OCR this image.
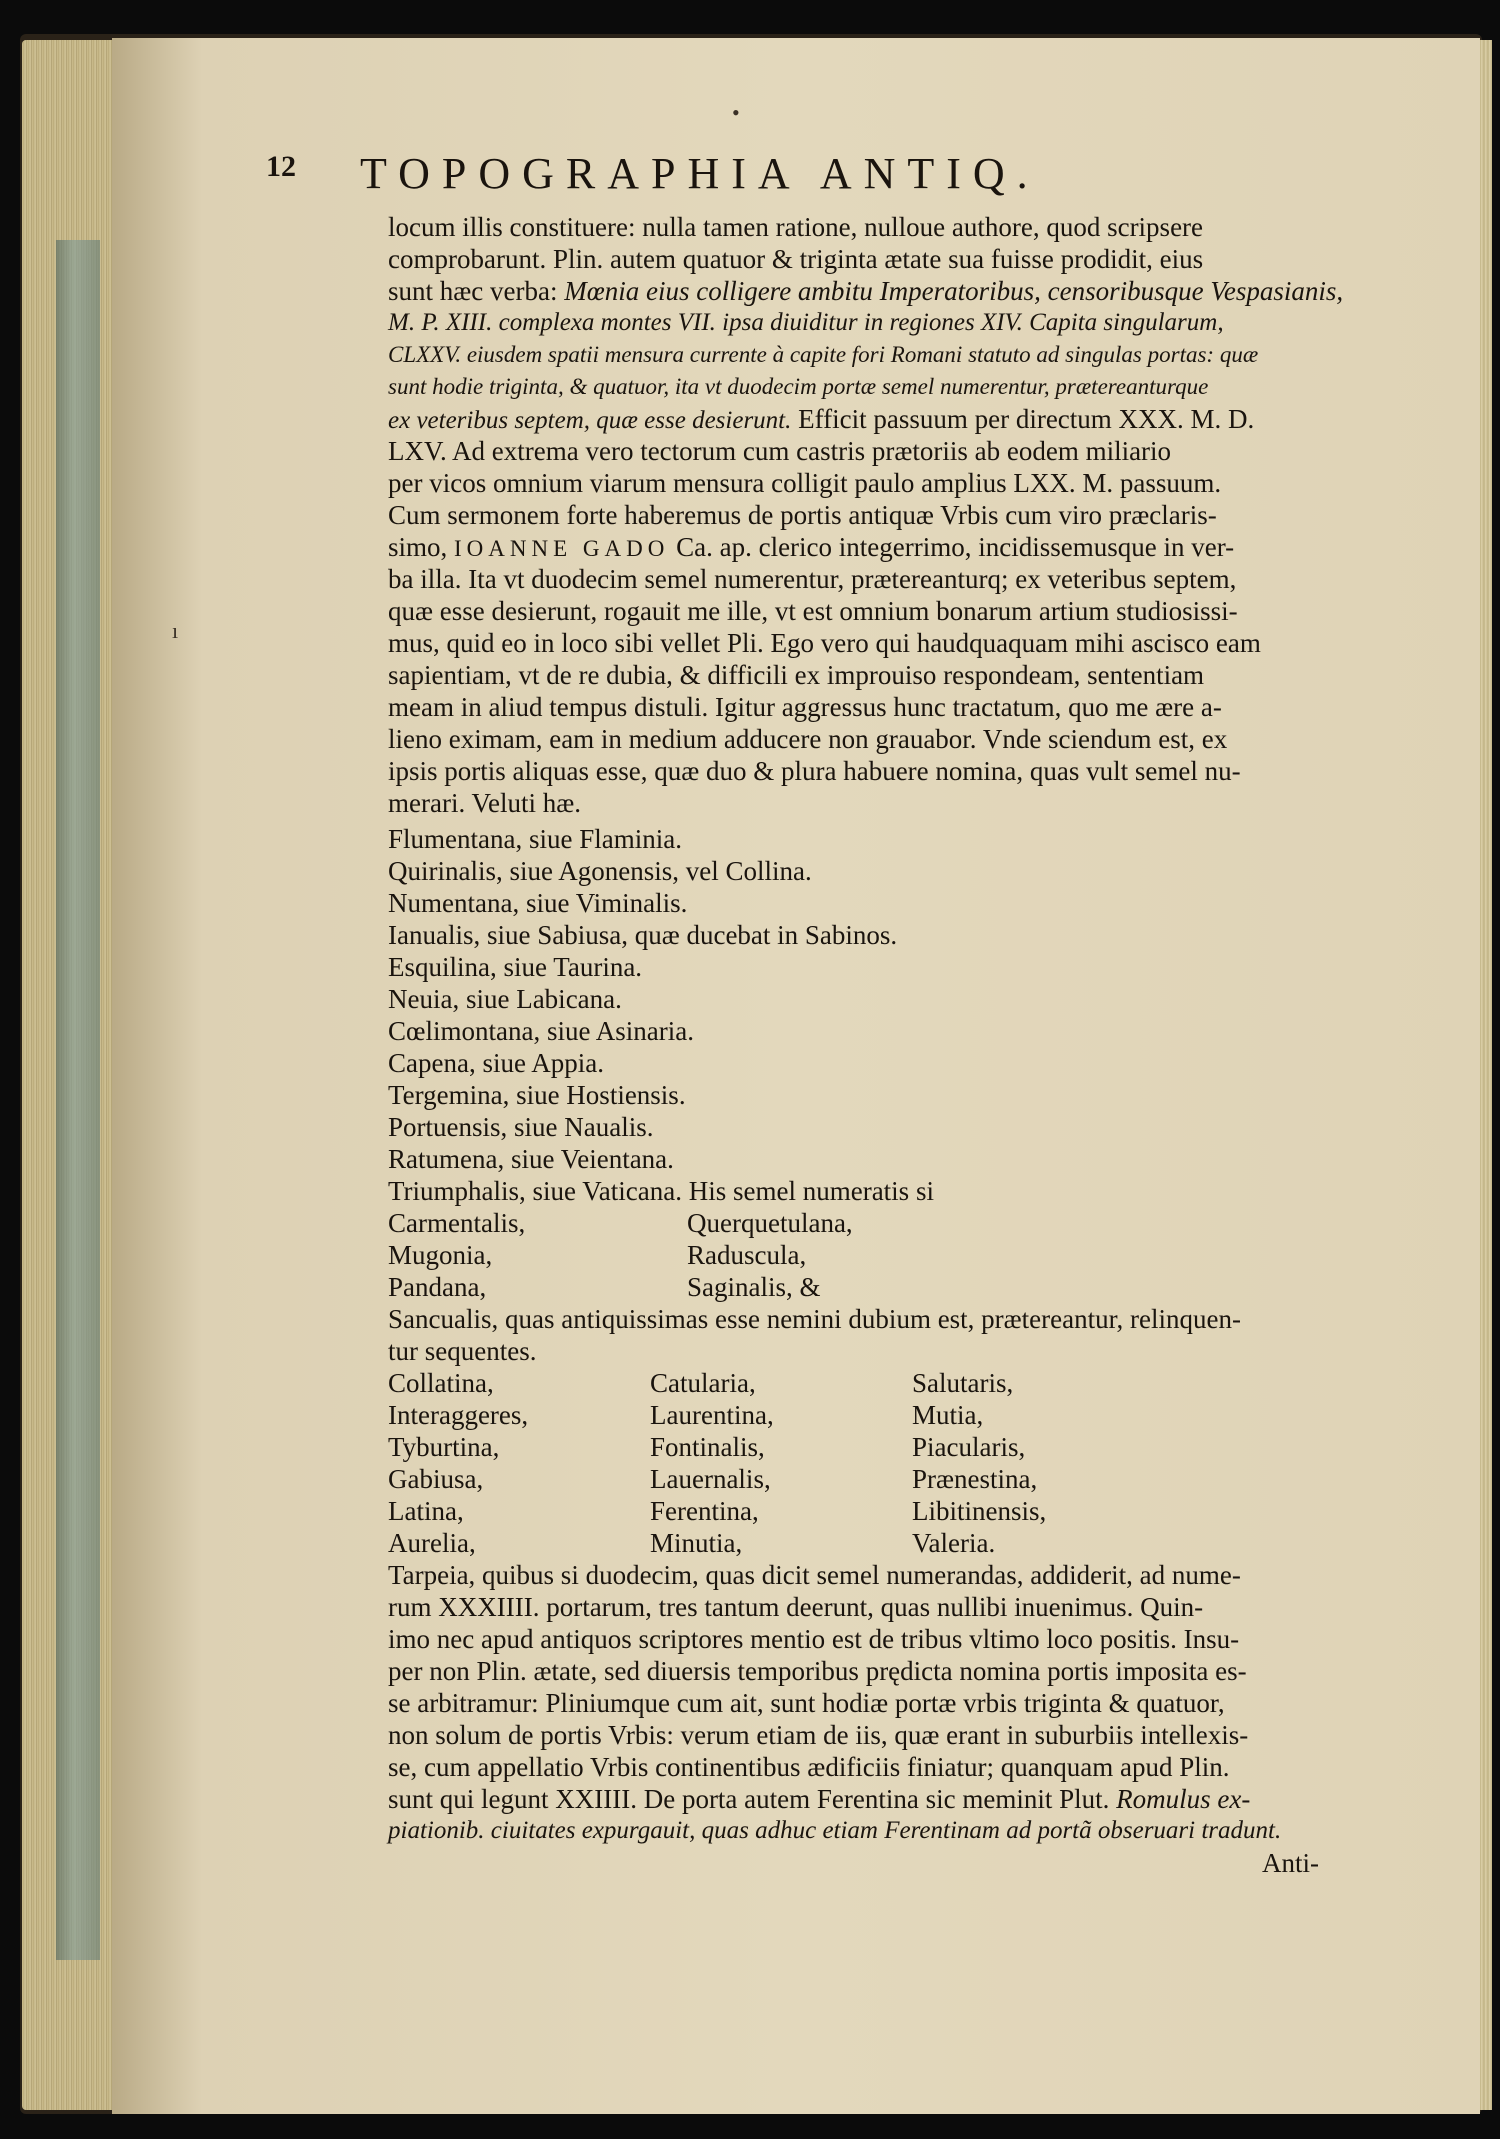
•
12 TOPOGRAPHIA ANTIQ.
locum illis constituere: nulla tamen ratione, nulloue authore, quod scripsere
comprobarunt. Plin. autem quatuor & triginta ætate sua fuisse prodidit, eius
sunt hæc verba: Mœnia eius colligere ambitu Imperatoribus, censoribusque Vespasianis,
M. P. XIII. complexa montes VII. ipsa diuiditur in regiones XIV. Capita singularum,
CLXXV. eiusdem spatii mensura currente à capite fori Romani statuto ad singulas portas: quæ
sunt hodie triginta, & quatuor, ita vt duodecim portæ semel numerentur, prætereanturque
ex veteribus septem, quæ esse desierunt. Efficit passuum per directum XXX. M. D.
LXV. Ad extrema vero tectorum cum castris prætoriis ab eodem miliario
per vicos omnium viarum mensura colligit paulo amplius LXX. M. passuum.
Cum sermonem forte haberemus de portis antiquæ Vrbis cum viro præclaris-
simo, IOANNE GADO Ca. ap. clerico integerrimo, incidissemusque in ver-
ba illa. Ita vt duodecim semel numerentur, prætereanturq; ex veteribus septem,
quæ esse desierunt, rogauit me ille, vt est omnium bonarum artium studiosissi-
mus, quid eo in loco sibi vellet Pli. Ego vero qui haudquaquam mihi ascisco eam
sapientiam, vt de re dubia, & difficili ex improuiso respondeam, sententiam
meam in aliud tempus distuli. Igitur aggressus hunc tractatum, quo me ære a-
lieno eximam, eam in medium adducere non grauabor. Vnde sciendum est, ex
ipsis portis aliquas esse, quæ duo & plura habuere nomina, quas vult semel nu-
merari. Veluti hæ.
Flumentana, siue Flaminia.
Quirinalis, siue Agonensis, vel Collina.
Numentana, siue Viminalis.
Ianualis, siue Sabiusa, quæ ducebat in Sabinos.
Esquilina, siue Taurina.
Neuia, siue Labicana.
Cœlimontana, siue Asinaria.
Capena, siue Appia.
Tergemina, siue Hostiensis.
Portuensis, siue Naualis.
Ratumena, siue Veientana.
Triumphalis, siue Vaticana. His semel numeratis si
Carmentalis,	Querquetulana,
Mugonia,	Radusculа,
Pandana,	Saginalis, &
Sancualis, quas antiquissimas esse nemini dubium est, prætereantur, relinquen-
tur sequentes.
Collatina,	Catularia,	Salutaris,
Interaggeres,	Laurentina,	Mutia,
Tyburtina,	Fontinalis,	Piacularis,
Gabiusa,	Lauernalis,	Prænestina,
Latina,	Ferentina,	Libitinensis,
Aurelia,	Minutia,	Valeria.
Tarpeia, quibus si duodecim, quas dicit semel numerandas, addiderit, ad nume-
rum XXXIIII. portarum, tres tantum deerunt, quas nullibi inuenimus. Quin-
imo nec apud antiquos scriptores mentio est de tribus vltimo loco positis. Insu-
per non Plin. ætate, sed diuersis temporibus prędicta nomina portis imposita es-
se arbitramur: Pliniumque cum ait, sunt hodiæ portæ vrbis triginta & quatuor,
non solum de portis Vrbis: verum etiam de iis, quæ erant in suburbiis intellexis-
se, cum appellatio Vrbis continentibus ædificiis finiatur; quanquam apud Plin.
sunt qui legunt XXIIII. De porta autem Ferentina sic meminit Plut. Romulus ex-
piationib. ciuitates expurgauit, quas adhuc etiam Ferentinam ad portã obseruari tradunt.
Anti-
ı
